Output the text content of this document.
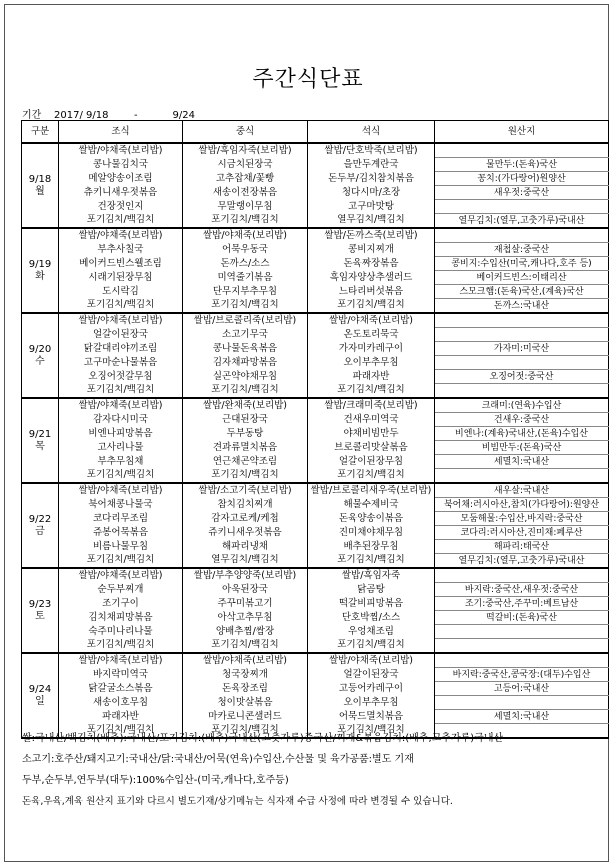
주간식단표
기간 2017/ 9/18	-	9/24
구분	조식	중식	석식	원산지

9/18
월	쌀밥/야채죽(보리밥)	쌀밥/흑임자죽(보리밥)	쌀밥/단호박죽(보리밥)	
	콩나물김치국	시금치된장국	을만두계란국	물만두:(돈육)국산
	메알양송이조림	고추잡채/꽃빵	돈두부/김치참치볶음	꽁치:(가다랑어)원양산
	츄키니새우젓볶음	새송이전장볶음	청다시마/초장	새우젓:중국산
	건장젓인지	무말랭이무침	고구마맛탕	
	포기김치/백김치	포기김치/백김치	열무김치/백김치	열무김치:(열무,고춧가루)국내산

9/19
화	쌀밥/야채죽(보리밥)	쌀밥/야채죽(보리밥)	쌀밥/돈까스죽(보리밥)	
	부추사칠국	어묵우동국	콩비지찌개	재첩살:중국산
	베이커드빈스웰조림	돈까스/소스	돈육짜장볶음	콩비지:수입산(미국,캐나다,호주 등)
	시래기된장무침	미역줄기볶음	흑임자양상추샐러드	베이커드빈스:이태리산
	도시락김	단무지부추무침	느타리버섯볶음	스모크햄:(돈육)국산,(계육)국산
	포기김치/백김치	포기김치/백김치	포기김치/백김치	돈까스:국내산

9/20
수	쌀밥/야채죽(보리밥)	쌀밥/브로콜리죽(보리밥)	쌀밥/야채죽(보리밥)	
	얼갈이된장국	소고기무국	온도토리묵국	
	닭갈대리야끼조림	콩나물돈육볶음	가자미카레구이	가자미:미국산
	고구마순나물볶음	김자채파망볶음	오이부추무침	
	오징어젓갈무침	실곤약야채무침	파래자반	오징어젓:중국산
	포기김치/백김치	포기김치/백김치	포기김치/백김치	

9/21
목	쌀밥/야채죽(보리밥)	쌀밥/완채죽(보리밥)	쌀밥/크래미죽(보리밥)	크래미:(연육)수입산
	감자다시미국	근대된장국	건새우미역국	건새우:중국산
	비엔나피망볶음	두부동탕	야채비빔만두	비엔나:(계육)국내산,(돈육)수입산
	고사리나물	견과류멸치볶음	브로콜리맛살볶음	비빔만두:(돈육)국산
	부추무침채	연근채곤약조림	얼갈이된장무침	세멸치:국내산
	포기김치/백김치	포기김치/백김치	포기김치/백김치	

9/22
금	쌀밥/야채죽(보리밥)	쌀밥/소고기죽(보리밥)	쌀밥/브로콜리새우죽(보리밥)	새우살:국내산
	북어채콩나물국	참치김치찌개	해물수제비국	북어채:러시아산,참치(가다랑어):원양산
	코다리무조림	감자고로케/케첩	돈육양송이볶음	모둠해물:수입산,바지락:중국산
	쥬봉어묵볶음	쥬키니새우젓볶음	진미채야채무침	코다리:러시아산,진미채:페루산
	비름나물무침	해파리냉채	배추된장무침	해파리:태국산
	포기김치/백김치	열무김치/백김치	포기김치/백김치	열무김치:(열무,고춧가루)국내산

9/23
토	쌀밥/야채죽(보리밥)	쌀밥/부추양양죽(보리밥)	쌀밥/흑임자죽	
	순두부찌개	아욱된장국	닭곰탕	바지락:중국산,새우젓:중국산
	조기구이	주꾸미볶고기	떡갈비피망볶음	조기:중국산,주꾸미:베트남산
	김치채피망볶음	아삭고추무침	단호박찜/소스	떡갈비:(돈육)국산
	숙주미나리나물	양배추찜/쌈장	우엉채조림	
	포기김치/백김치	포기김치/백김치	포기김치/백김치	

9/24
일	쌀밥/야채죽(보리밥)	쌀밥/야채죽(보리밥)	쌀밥/야채죽(보리밥)	
	바지락미역국	청국장찌개	얼갈이된장국	바지락:중국산,콩국장:(대두)수입산
	닭갈굴소스볶음	돈육장조림	고등어카레구이	고등어:국내산
	새송이호무침	청이맛살볶음	오이부추무침	
	파래자반	마카로니콘샐러드	어묵드멸치볶음	세멸치:국내산
	포기김치/백김치	포기김치/백김치	포기김치/백김치	
쌀:국내산/백김치(배추):국내산/포기김치:(배추)국내산(고춧가루)중국산/찌개&볶음김치:(배추,고추가루)국내산
소고기:호주산/돼지고기:국내산/닭:국내산/어묵(연육)수입산,수산물 및 육가공품:별도 기재
두부,순두부,연두부(대두):100%수입산-(미국,캐나다,호주등)
돈육,우육,계육 원산지 표기와 다르시 별도기재/상기메뉴는 식자재 수급 사정에 따라 변경될 수 있습니다.
